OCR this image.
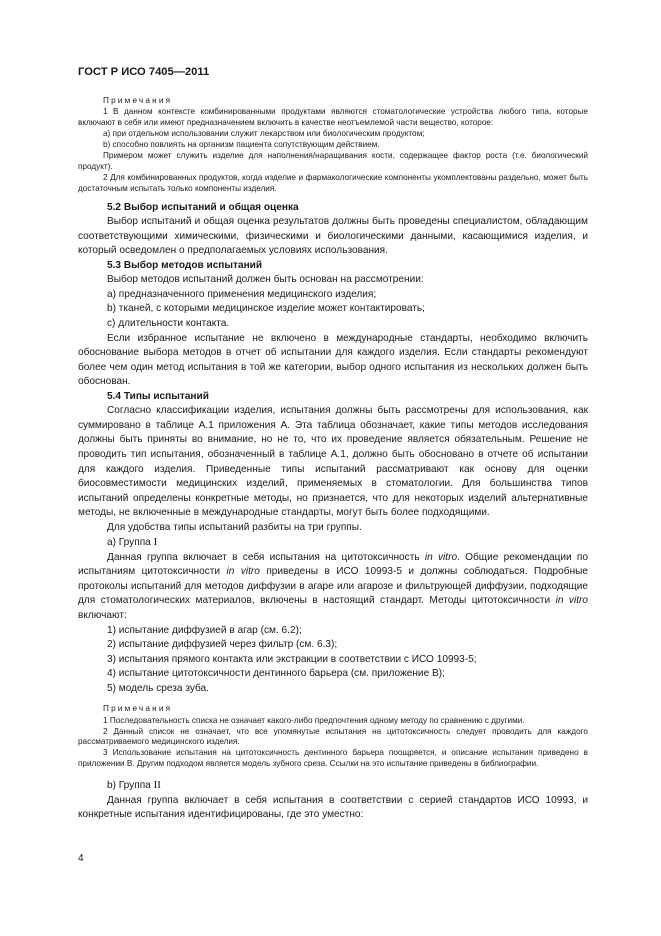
ГОСТ Р ИСО 7405—2011

Примечания

1 В данном контексте комбинированными продуктами являются стоматологические устройства любого типа, которые включают в себя или имеют предназначением включить в качестве неотъемлемой части вещество, которое:

a) при отдельном использовании служит лекарством или биологическим продуктом;

b) способно повлиять на организм пациента сопутствующим действием.

Примером может служить изделие для наполнения/наращивания кости, содержащее фактор роста (т.е. биологический продукт).

2 Для комбинированных продуктов, когда изделие и фармакологические компоненты укомплектованы раздельно, может быть достаточным испытать только компоненты изделия.

5.2 Выбор испытаний и общая оценка

Выбор испытаний и общая оценка результатов должны быть проведены специалистом, обладающим соответствующими химическими, физическими и биологическими данными, касающимися изделия, и который осведомлен о предполагаемых условиях использования.

5.3 Выбор методов испытаний

Выбор методов испытаний должен быть основан на рассмотрении:

a) предназначенного применения медицинского изделия;

b) тканей, с которыми медицинское изделие может контактировать;

c) длительности контакта.

Если избранное испытание не включено в международные стандарты, необходимо включить обоснование выбора методов в отчет об испытании для каждого изделия. Если стандарты рекомендуют более чем один метод испытания в той же категории, выбор одного испытания из нескольких должен быть обоснован.

5.4 Типы испытаний

Согласно классификации изделия, испытания должны быть рассмотрены для использования, как суммировано в таблице А.1 приложения А. Эта таблица обозначает, какие типы методов исследования должны быть приняты во внимание, но не то, что их проведение является обязательным. Решение не проводить тип испытания, обозначенный в таблице А.1, должно быть обосновано в отчете об испытании для каждого изделия. Приведенные типы испытаний рассматривают как основу для оценки биосовместимости медицинских изделий, применяемых в стоматологии. Для большинства типов испытаний определены конкретные методы, но признается, что для некоторых изделий альтернативные методы, не включенные в международные стандарты, могут быть более подходящими.

Для удобства типы испытаний разбиты на три группы.

a) Группа I

Данная группа включает в себя испытания на цитотоксичность in vitro. Общие рекомендации по испытаниям цитотоксичности in vitro приведены в ИСО 10993-5 и должны соблюдаться. Подробные протоколы испытаний для методов диффузии в агаре или агарозе и фильтрующей диффузии, подходящие для стоматологических материалов, включены в настоящий стандарт. Методы цитотоксичности in vitro включают:

1) испытание диффузией в агар (см. 6.2);

2) испытание диффузией через фильтр (см. 6.3);

3) испытания прямого контакта или экстракции в соответствии с ИСО 10993-5;

4) испытание цитотоксичности дентинного барьера (см. приложение В);

5) модель среза зуба.

Примечания

1 Последовательность списка не означает какого-либо предпочтения одному методу по сравнению с другими.

2 Данный список не означает, что все упомянутые испытания на цитотоксичность следует проводить для каждого рассматриваемого медицинского изделия.

3 Использование испытания на цитотоксичность дентинного барьера поощряется, и описание испытания приведено в приложении В. Другим подходом является модель зубного среза. Ссылки на это испытание приведены в библиографии.

b) Группа II

Данная группа включает в себя испытания в соответствии с серией стандартов ИСО 10993, и конкретные испытания идентифицированы, где это уместно:

4
